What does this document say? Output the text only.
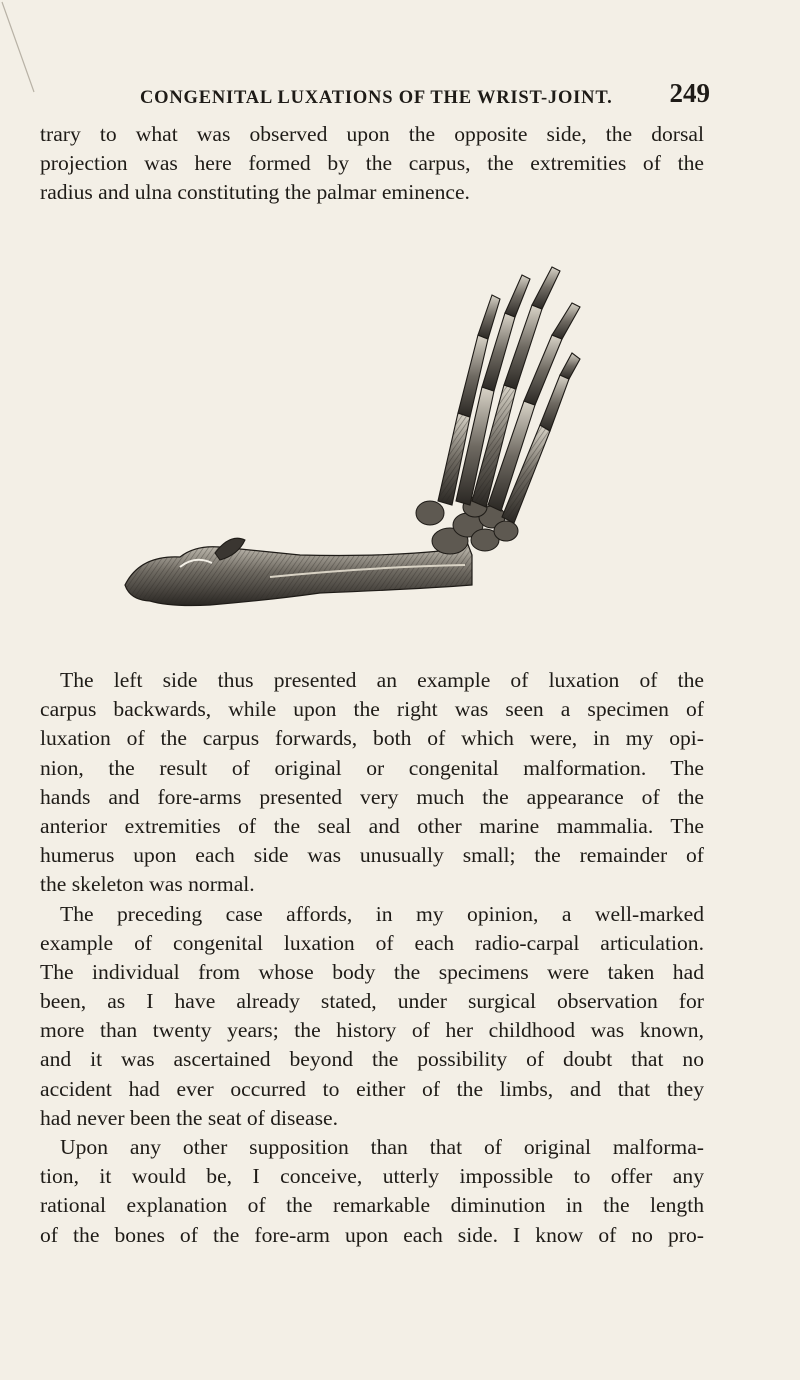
CONGENITAL LUXATIONS OF THE WRIST-JOINT. 249
trary to what was observed upon the opposite side, the dorsal
projection was here formed by the carpus, the extremities of the
radius and ulna constituting the palmar eminence.
The left side thus presented an example of luxation of the
carpus backwards, while upon the right was seen a specimen of
luxation of the carpus forwards, both of which were, in my opi-
nion, the result of original or congenital malformation. The
hands and fore-arms presented very much the appearance of the
anterior extremities of the seal and other marine mammalia. The
humerus upon each side was unusually small; the remainder of
the skeleton was normal.
The preceding case affords, in my opinion, a well-marked
example of congenital luxation of each radio-carpal articulation.
The individual from whose body the specimens were taken had
been, as I have already stated, under surgical observation for
more than twenty years; the history of her childhood was known,
and it was ascertained beyond the possibility of doubt that no
accident had ever occurred to either of the limbs, and that they
had never been the seat of disease.
Upon any other supposition than that of original malforma-
tion, it would be, I conceive, utterly impossible to offer any
rational explanation of the remarkable diminution in the length
of the bones of the fore-arm upon each side. I know of no pro-
